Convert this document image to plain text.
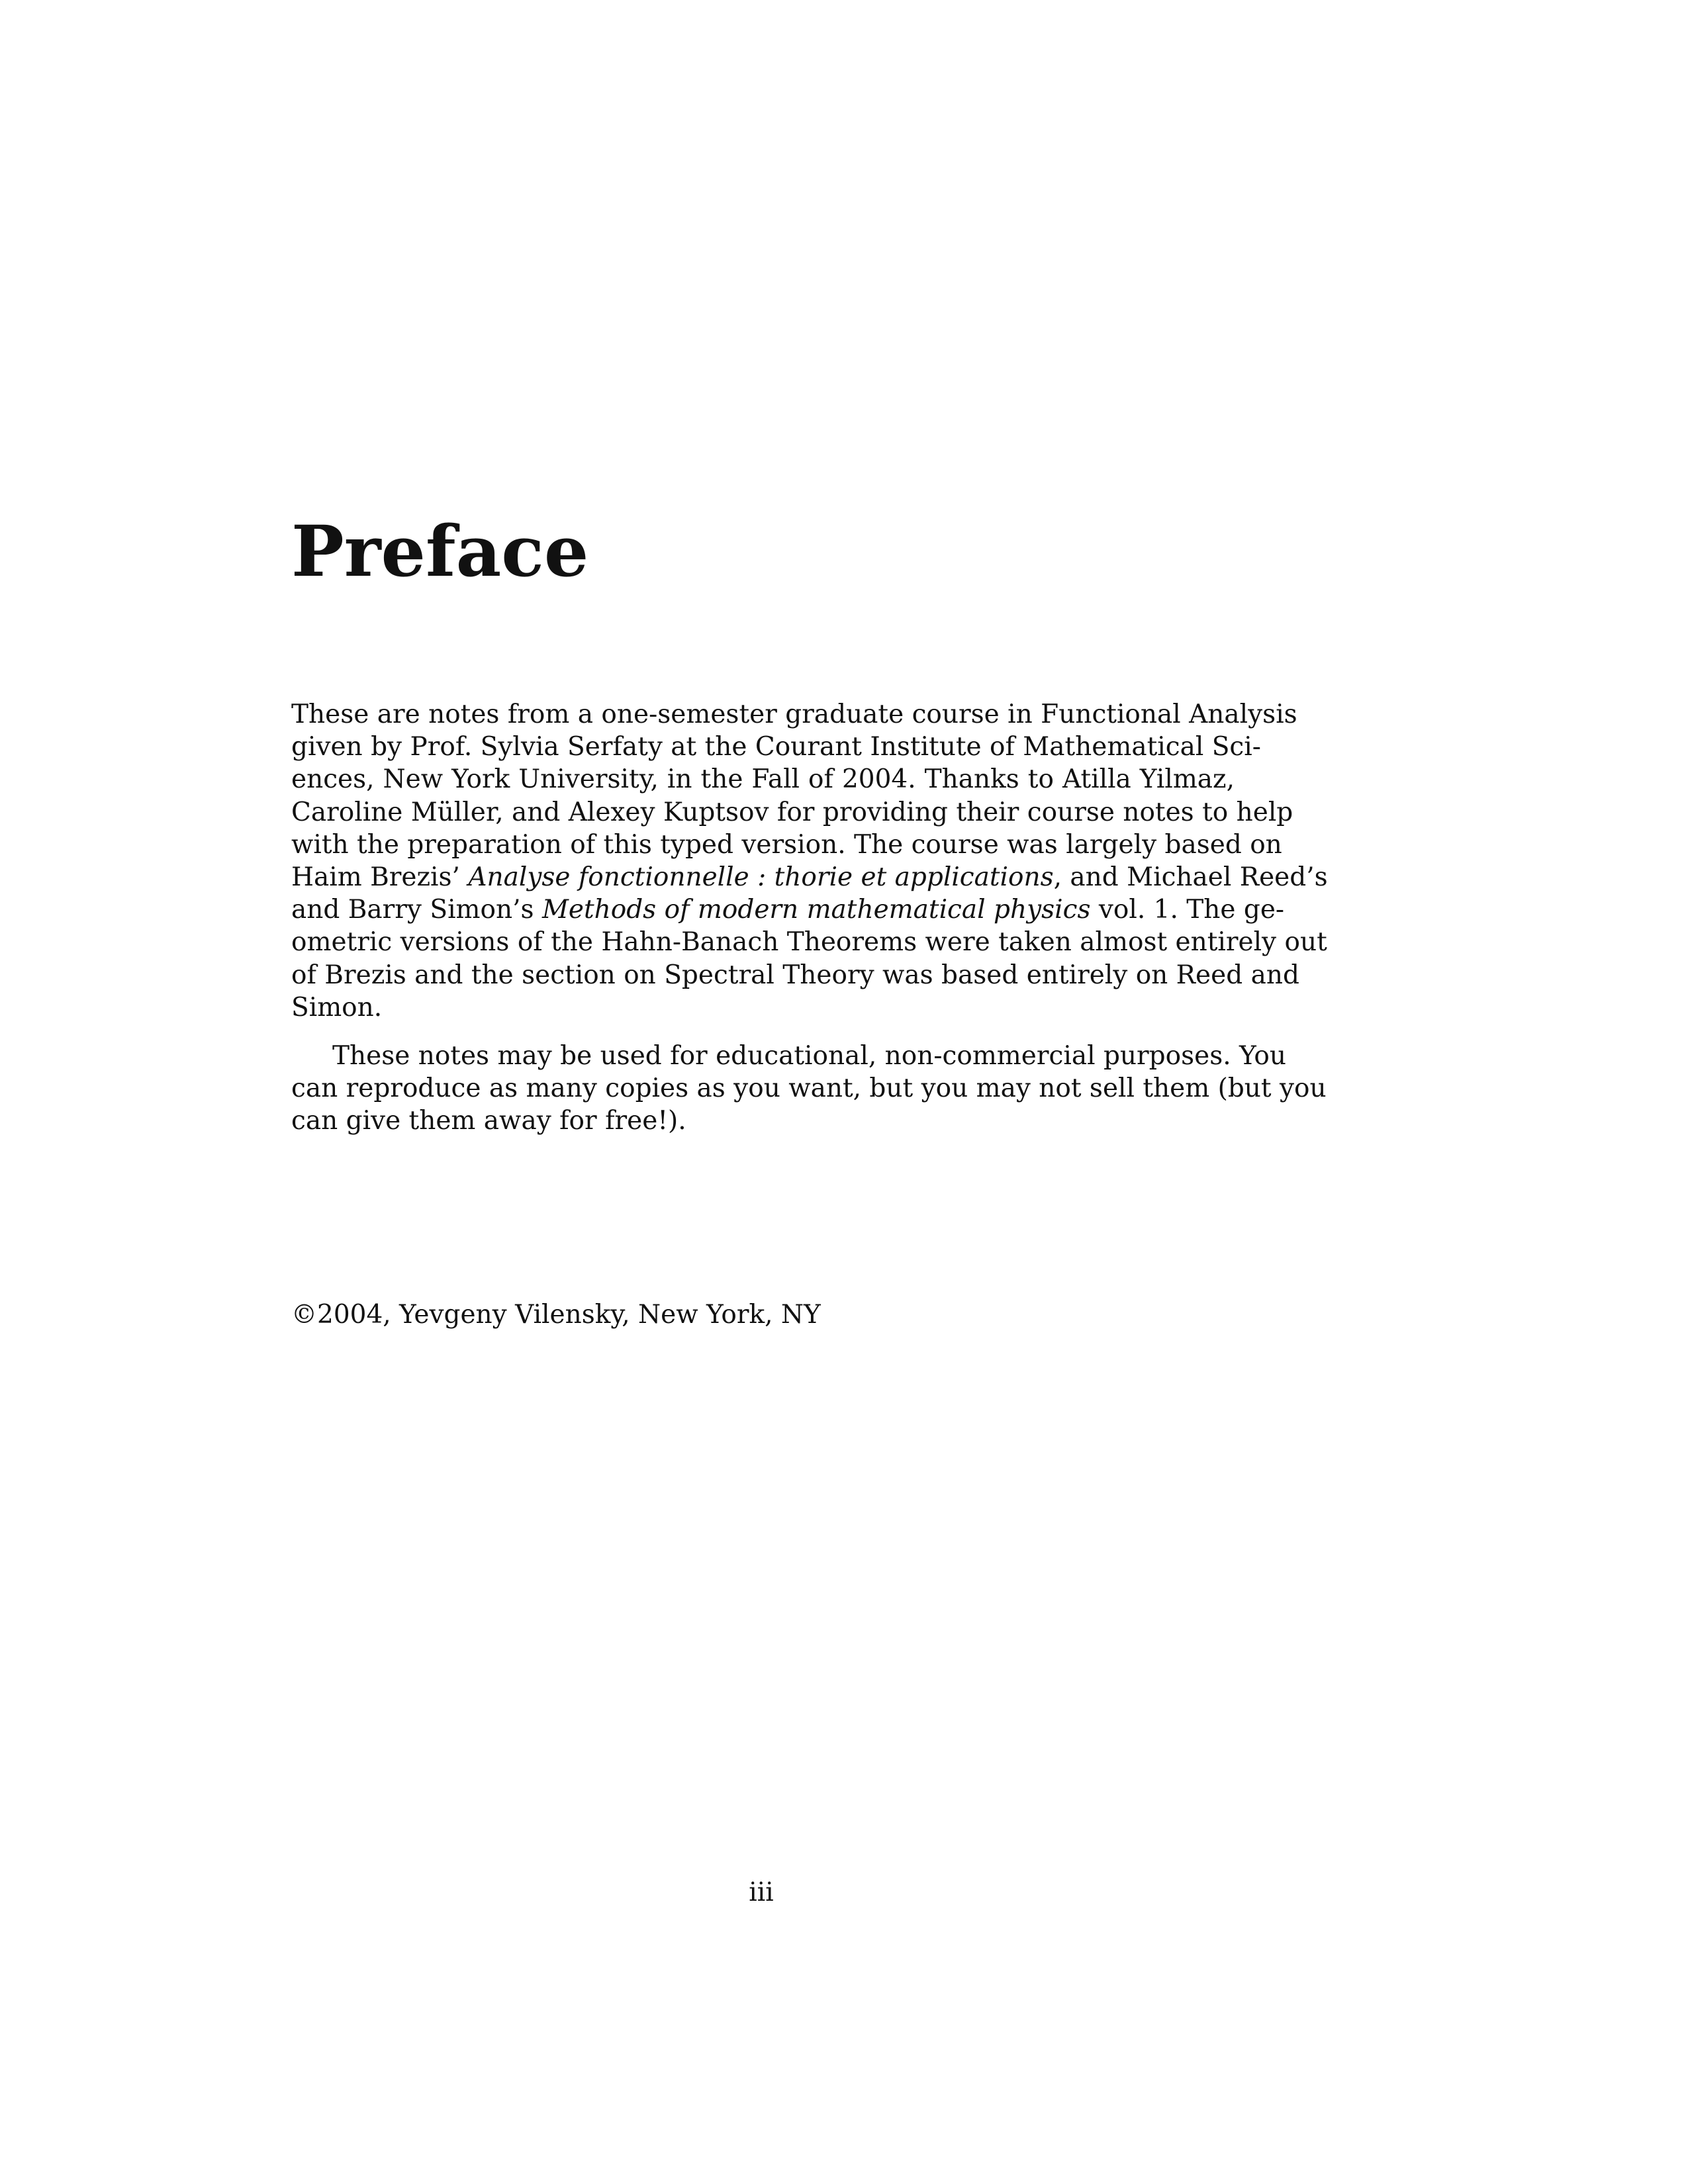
Preface
These are notes from a one-semester graduate course in Functional Analysis
given by Prof. Sylvia Serfaty at the Courant Institute of Mathematical Sci-
ences, New York University, in the Fall of 2004. Thanks to Atilla Yilmaz,
Caroline Müller, and Alexey Kuptsov for providing their course notes to help
with the preparation of this typed version. The course was largely based on
Haim Brezis’ Analyse fonctionnelle : thorie et applications, and Michael Reed’s
and Barry Simon’s Methods of modern mathematical physics vol. 1. The ge-
ometric versions of the Hahn-Banach Theorems were taken almost entirely out
of Brezis and the section on Spectral Theory was based entirely on Reed and
Simon.
These notes may be used for educational, non-commercial purposes. You
can reproduce as many copies as you want, but you may not sell them (but you
can give them away for free!).
©2004, Yevgeny Vilensky, New York, NY
iii
